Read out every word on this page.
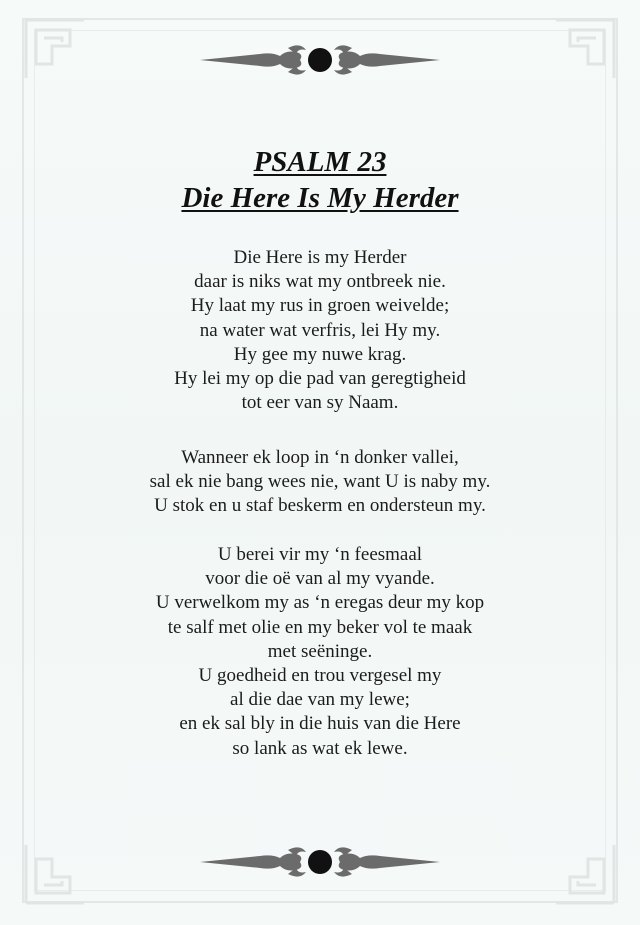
PSALM 23
Die Here Is My Herder
Die Here is my Herder
daar is niks wat my ontbreek nie.
Hy laat my rus in groen weivelde;
na water wat verfris, lei Hy my.
Hy gee my nuwe krag.
Hy lei my op die pad van geregtigheid
tot eer van sy Naam.
Wanneer ek loop in ‘n donker vallei,
sal ek nie bang wees nie, want U is naby my.
U stok en u staf beskerm en ondersteun my.
U berei vir my ‘n feesmaal
voor die oë van al my vyande.
U verwelkom my as ‘n eregas deur my kop
te salf met olie en my beker vol te maak
met seëninge.
U goedheid en trou vergesel my
al die dae van my lewe;
en ek sal bly in die huis van die Here
so lank as wat ek lewe.
